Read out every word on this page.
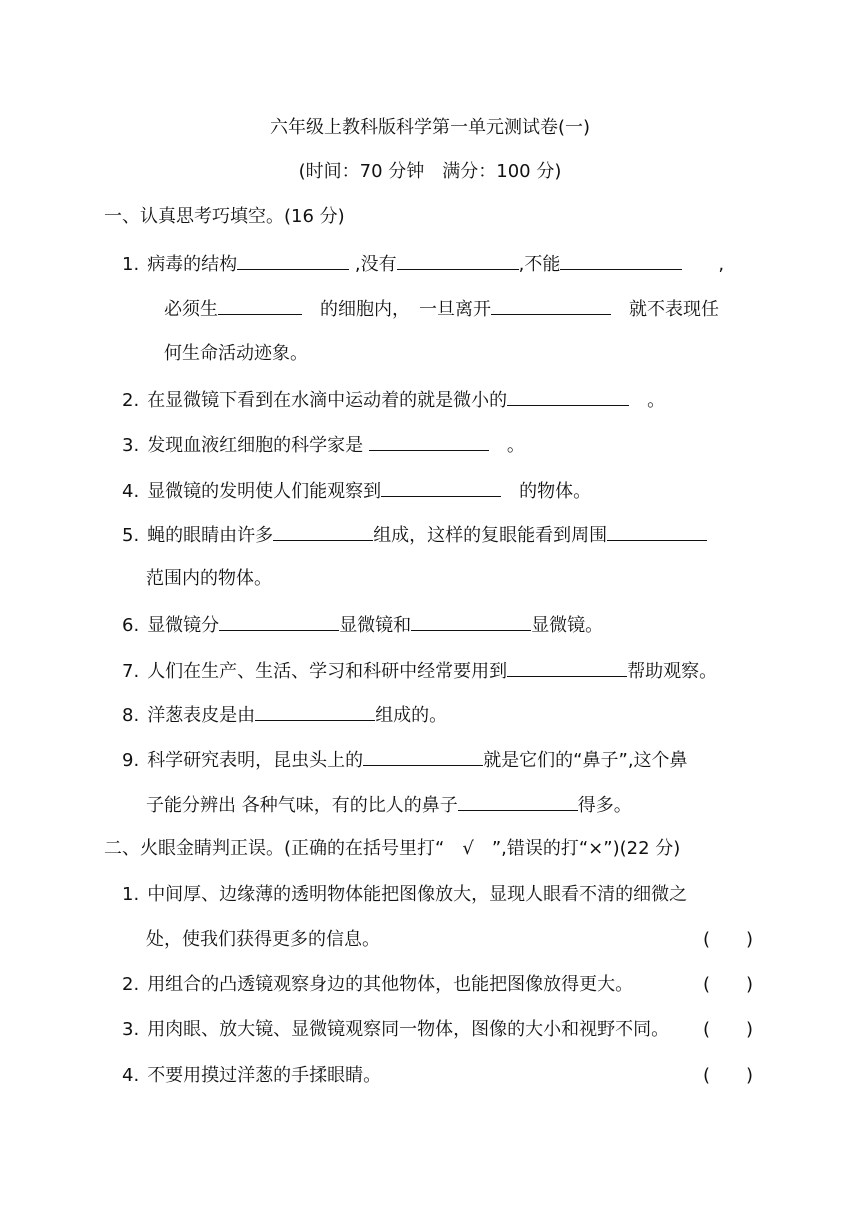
六年级上教科版科学第一单元测试卷(一)
(时间：70 分钟　满分：100 分)
一、认真思考巧填空。(16 分)
1. 病毒的结构	,没有	,不能	　　,
必须生	　的细胞内，　一旦离开	　就不表现任
何生命活动迹象。
2. 在显微镜下看到在水滴中运动着的就是微小的	　。
3. 发现血液红细胞的科学家是	　。
4. 显微镜的发明使人们能观察到	　的物体。
5. 蝇的眼睛由许多	组成，这样的复眼能看到周围
范围内的物体。
6. 显微镜分	显微镜和	显微镜。
7. 人们在生产、生活、学习和科研中经常要用到	帮助观察。
8. 洋葱表皮是由	组成的。
9. 科学研究表明，昆虫头上的	就是它们的“鼻子”,这个鼻
子能分辨出 各种气味，有的比人的鼻子	得多。
二、火眼金睛判正误。(正确的在括号里打“　√　”,错误的打“×”)(22 分)
1. 中间厚、边缘薄的透明物体能把图像放大，显现人眼看不清的细微之
处，使我们获得更多的信息。	(　　)
2. 用组合的凸透镜观察身边的其他物体，也能把图像放得更大。	(　　)
3. 用肉眼、放大镜、显微镜观察同一物体，图像的大小和视野不同。 (　　)
4. 不要用摸过洋葱的手揉眼睛。	(　　)
